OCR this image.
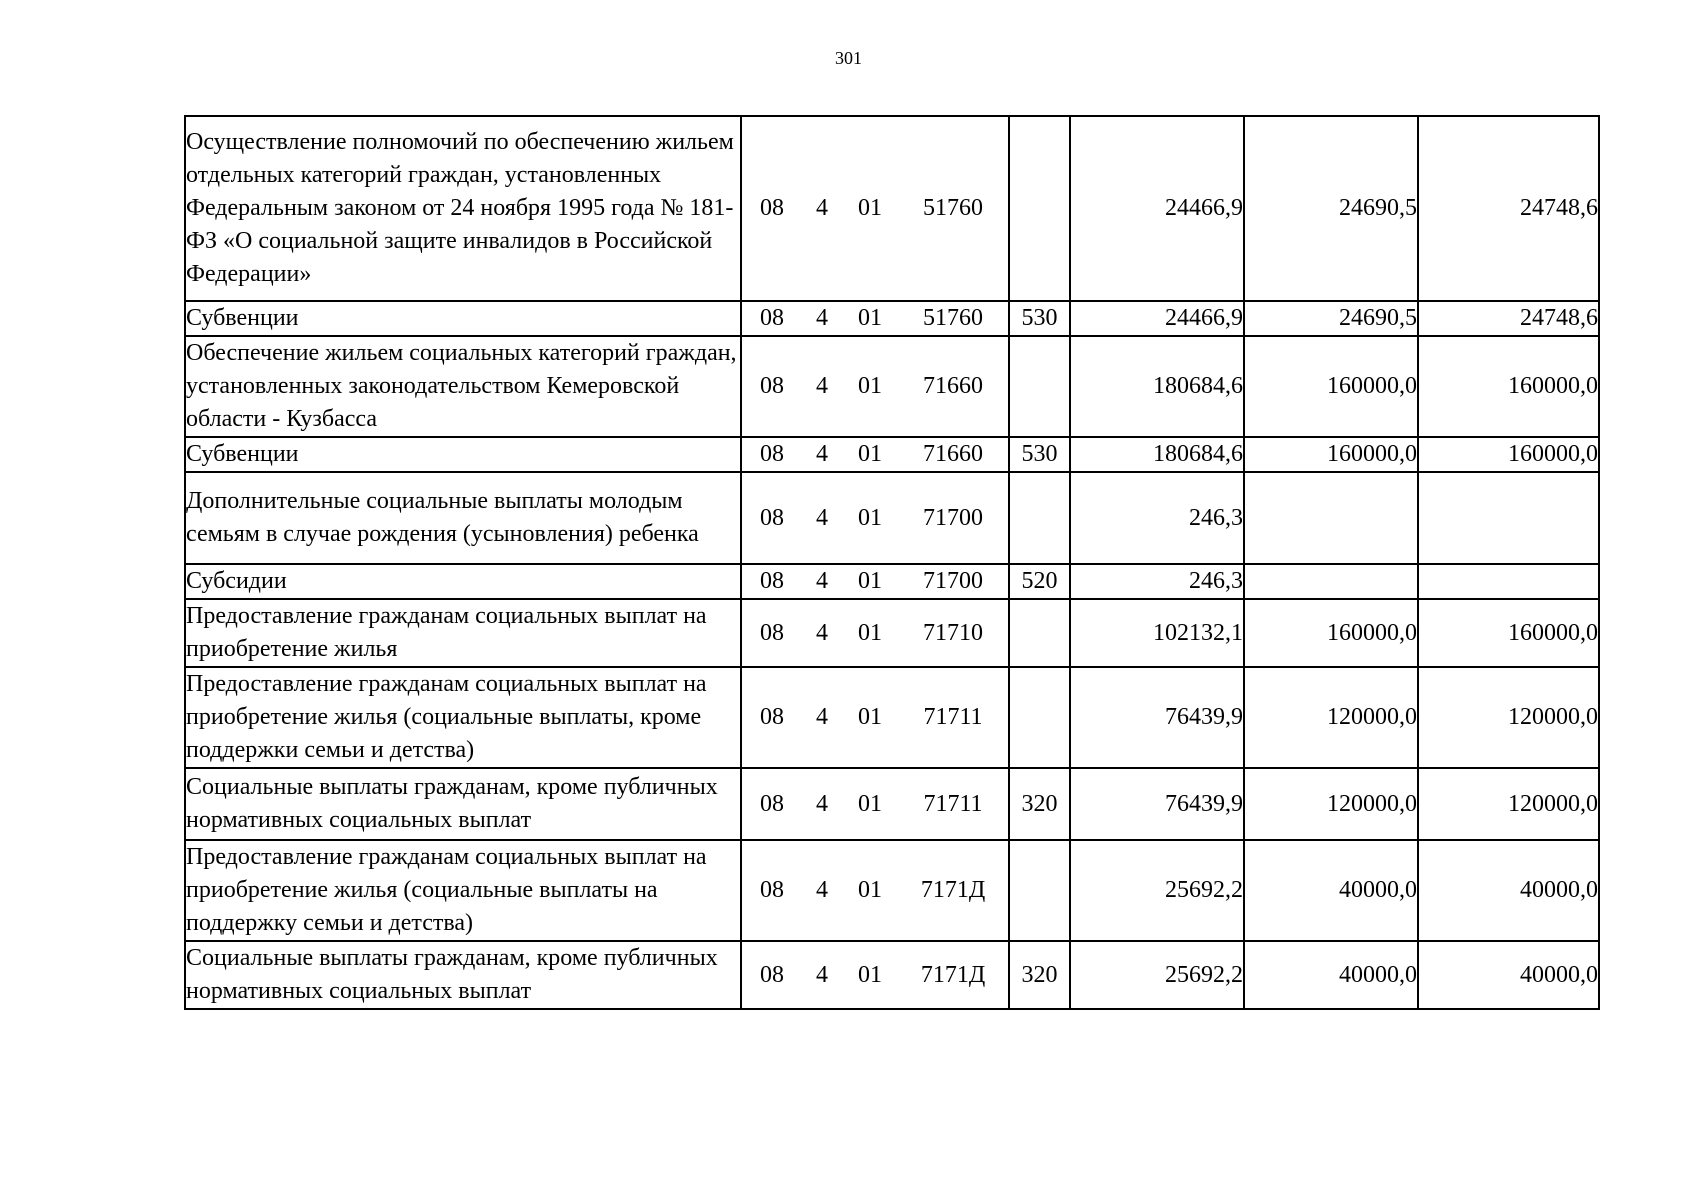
301
Осуществление полномочий по обеспечению жильем отдельных категорий граждан, установленных Федеральным законом от 24 ноября 1995 года № 181-ФЗ «О социальной защите инвалидов в Российской Федерации»	08 4 01 51760		24466,9	24690,5	24748,6
Субвенции	08 4 01 51760	530	24466,9	24690,5	24748,6
Обеспечение жильем социальных категорий граждан, установленных законодательством Кемеровской области - Кузбасса	08 4 01 71660		180684,6	160000,0	160000,0
Субвенции	08 4 01 71660	530	180684,6	160000,0	160000,0
Дополнительные социальные выплаты молодым семьям в случае рождения (усыновления) ребенка	08 4 01 71700		246,3		
Субсидии	08 4 01 71700	520	246,3		
Предоставление гражданам социальных выплат на приобретение жилья	08 4 01 71710		102132,1	160000,0	160000,0
Предоставление гражданам социальных выплат на приобретение жилья (социальные выплаты, кроме поддержки семьи и детства)	08 4 01 71711		76439,9	120000,0	120000,0
Социальные выплаты гражданам, кроме публичных нормативных социальных выплат	08 4 01 71711	320	76439,9	120000,0	120000,0
Предоставление гражданам социальных выплат на приобретение жилья (социальные выплаты на поддержку семьи и детства)	08 4 01 7171Д		25692,2	40000,0	40000,0
Социальные выплаты гражданам, кроме публичных нормативных социальных выплат	08 4 01 7171Д	320	25692,2	40000,0	40000,0
